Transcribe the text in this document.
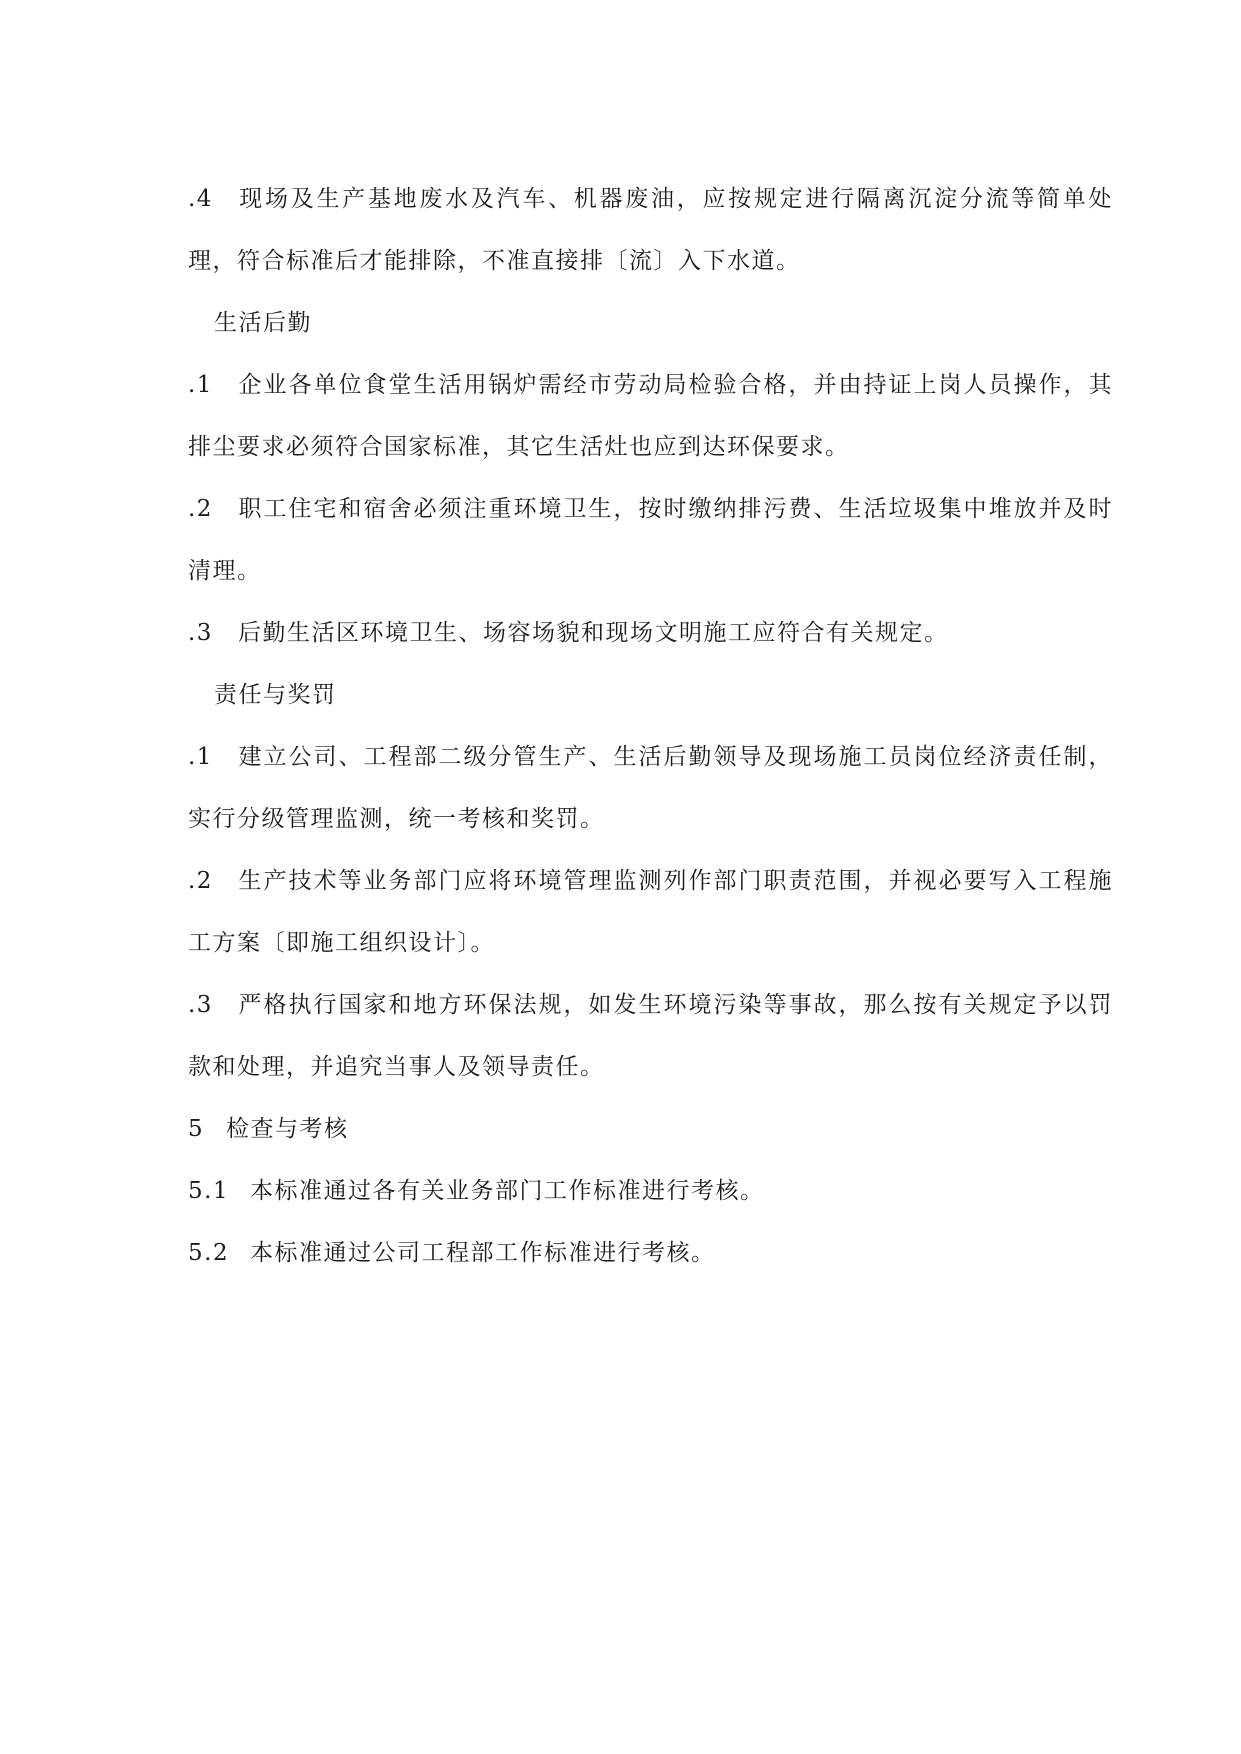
.4 现场及生产基地废水及汽车、机器废油，应按规定进行隔离沉淀分流等简单处理，符合标准后才能排除，不准直接排〔流〕入下水道。

生活后勤

.1 企业各单位食堂生活用锅炉需经市劳动局检验合格，并由持证上岗人员操作，其排尘要求必须符合国家标准，其它生活灶也应到达环保要求。

.2 职工住宅和宿舍必须注重环境卫生，按时缴纳排污费、生活垃圾集中堆放并及时清理。

.3 后勤生活区环境卫生、场容场貌和现场文明施工应符合有关规定。

责任与奖罚

.1 建立公司、工程部二级分管生产、生活后勤领导及现场施工员岗位经济责任制，实行分级管理监测，统一考核和奖罚。

.2 生产技术等业务部门应将环境管理监测列作部门职责范围，并视必要写入工程施工方案〔即施工组织设计〕。

.3 严格执行国家和地方环保法规，如发生环境污染等事故，那么按有关规定予以罚款和处理，并追究当事人及领导责任。

5 检查与考核

5.1 本标准通过各有关业务部门工作标准进行考核。

5.2 本标准通过公司工程部工作标准进行考核。
